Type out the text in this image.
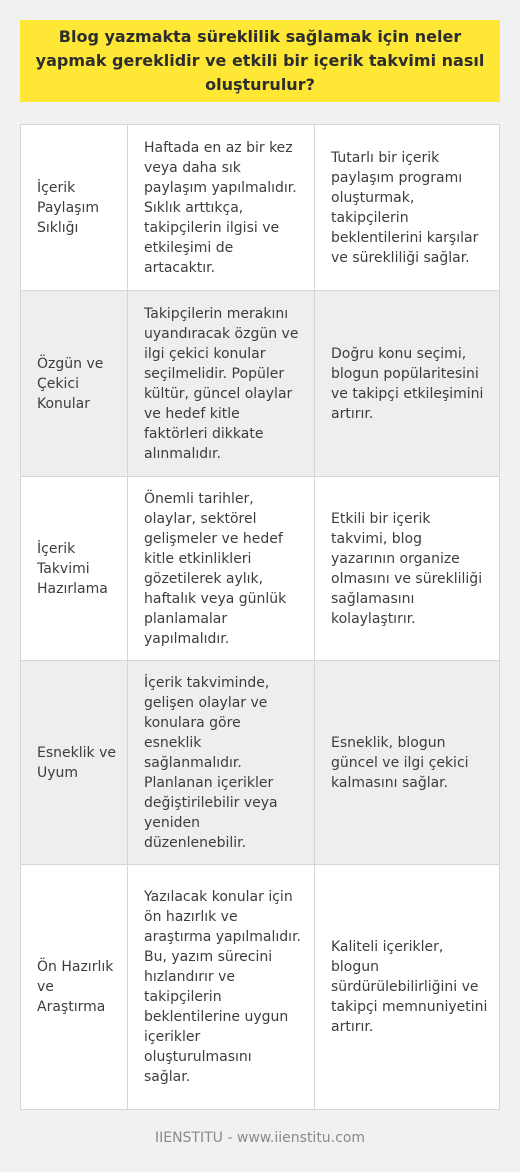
Blog yazmakta süreklilik sağlamak için neler yapmak gereklidir ve etkili bir içerik takvimi nasıl oluşturulur?
İçerik Paylaşım Sıklığı
Haftada en az bir kez veya daha sık paylaşım yapılmalıdır. Sıklık arttıkça, takipçilerin ilgisi ve etkileşimi de artacaktır.
Tutarlı bir içerik paylaşım programı oluşturmak, takipçilerin beklentilerini karşılar ve sürekliliği sağlar.
Özgün ve Çekici Konular
Takipçilerin merakını uyandıracak özgün ve ilgi çekici konular seçilmelidir. Popüler kültür, güncel olaylar ve hedef kitle faktörleri dikkate alınmalıdır.
Doğru konu seçimi, blogun popülaritesini ve takipçi etkileşimini artırır.
İçerik Takvimi Hazırlama
Önemli tarihler, olaylar, sektörel gelişmeler ve hedef kitle etkinlikleri gözetilerek aylık, haftalık veya günlük planlamalar yapılmalıdır.
Etkili bir içerik takvimi, blog yazarının organize olmasını ve sürekliliği sağlamasını kolaylaştırır.
Esneklik ve Uyum
İçerik takviminde, gelişen olaylar ve konulara göre esneklik sağlanmalıdır. Planlanan içerikler değiştirilebilir veya yeniden düzenlenebilir.
Esneklik, blogun güncel ve ilgi çekici kalmasını sağlar.
Ön Hazırlık ve Araştırma
Yazılacak konular için ön hazırlık ve araştırma yapılmalıdır. Bu, yazım sürecini hızlandırır ve takipçilerin beklentilerine uygun içerikler oluşturulmasını sağlar.
Kaliteli içerikler, blogun sürdürülebilirliğini ve takipçi memnuniyetini artırır.
IIENSTITU - www.iienstitu.com
